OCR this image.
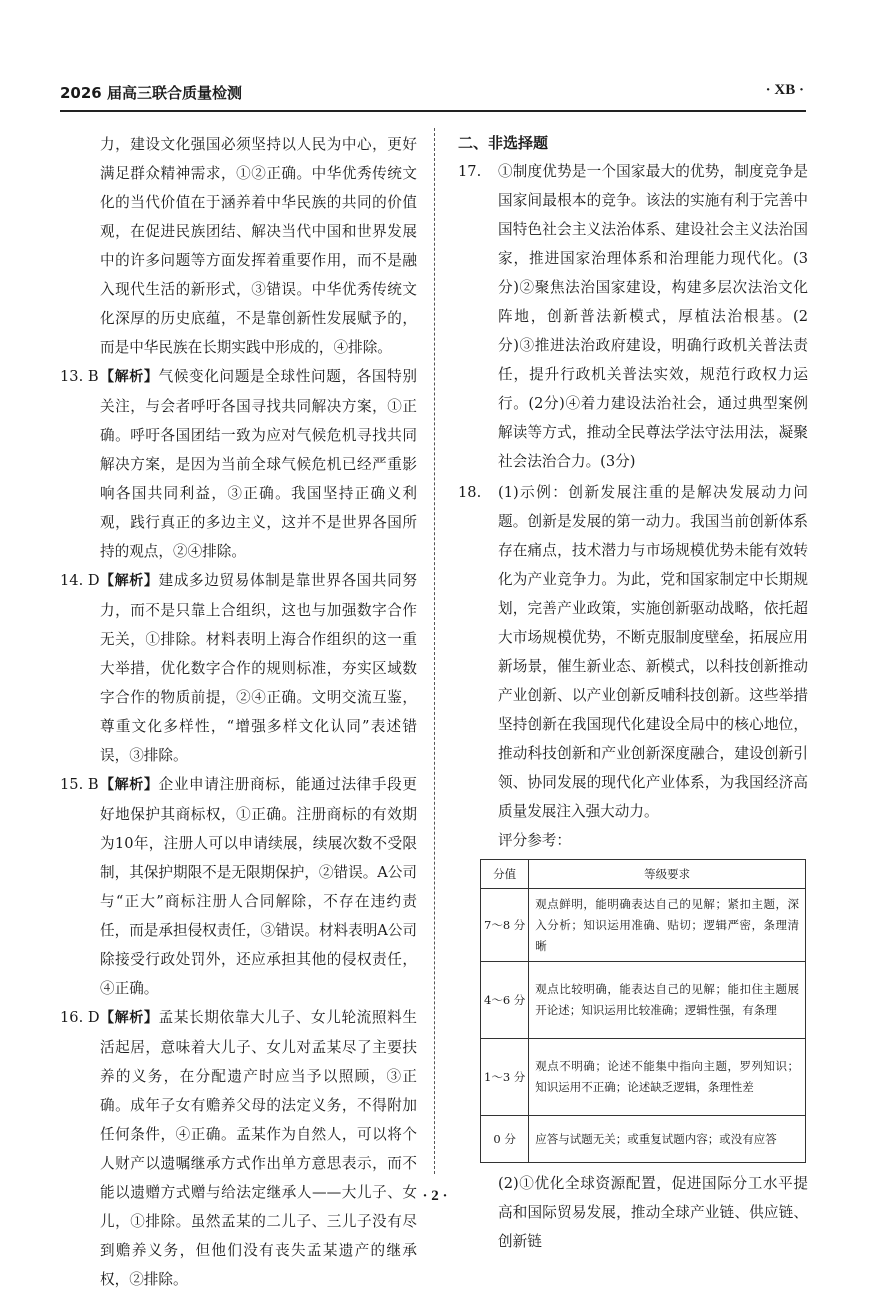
2026 届高三联合质量检测	· XB ·

力，建设文化强国必须坚持以人民为中心，更好满足群众精神需求，①②正确。中华优秀传统文化的当代价值在于涵养着中华民族的共同的价值观，在促进民族团结、解决当代中国和世界发展中的许多问题等方面发挥着重要作用，而不是融入现代生活的新形式，③错误。中华优秀传统文化深厚的历史底蕴，不是靠创新性发展赋予的，而是中华民族在长期实践中形成的，④排除。

13. B 【解析】气候变化问题是全球性问题，各国特别关注，与会者呼吁各国寻找共同解决方案，①正确。呼吁各国团结一致为应对气候危机寻找共同解决方案，是因为当前全球气候危机已经严重影响各国共同利益，③正确。我国坚持正确义利观，践行真正的多边主义，这并不是世界各国所持的观点，②④排除。
14. D 【解析】建成多边贸易体制是靠世界各国共同努力，而不是只靠上合组织，这也与加强数字合作无关，①排除。材料表明上海合作组织的这一重大举措，优化数字合作的规则标准，夯实区域数字合作的物质前提，②④正确。文明交流互鉴，尊重文化多样性，“增强多样文化认同”表述错误，③排除。
15. B 【解析】企业申请注册商标，能通过法律手段更好地保护其商标权，①正确。注册商标的有效期为10年，注册人可以申请续展，续展次数不受限制，其保护期限不是无限期保护，②错误。A公司与“正大”商标注册人合同解除，不存在违约责任，而是承担侵权责任，③错误。材料表明A公司除接受行政处罚外，还应承担其他的侵权责任，④正确。
16. D 【解析】孟某长期依靠大儿子、女儿轮流照料生活起居，意味着大儿子、女儿对孟某尽了主要扶养的义务，在分配遗产时应当予以照顾，③正确。成年子女有赡养父母的法定义务，不得附加任何条件，④正确。孟某作为自然人，可以将个人财产以遗嘱继承方式作出单方意思表示，而不能以遗赠方式赠与给法定继承人——大儿子、女儿，①排除。虽然孟某的二儿子、三儿子没有尽到赡养义务，但他们没有丧失孟某遗产的继承权，②排除。

二、非选择题

17. ①制度优势是一个国家最大的优势，制度竞争是国家间最根本的竞争。该法的实施有利于完善中国特色社会主义法治体系、建设社会主义法治国家，推进国家治理体系和治理能力现代化。(3分)②聚焦法治国家建设，构建多层次法治文化阵地，创新普法新模式，厚植法治根基。(2分)③推进法治政府建设，明确行政机关普法责任，提升行政机关普法实效，规范行政权力运行。(2分)④着力建设法治社会，通过典型案例解读等方式，推动全民尊法学法守法用法，凝聚社会法治合力。(3分)
18. (1)示例：创新发展注重的是解决发展动力问题。创新是发展的第一动力。我国当前创新体系存在痛点，技术潜力与市场规模优势未能有效转化为产业竞争力。为此，党和国家制定中长期规划，完善产业政策，实施创新驱动战略，依托超大市场规模优势，不断克服制度壁垒，拓展应用新场景，催生新业态、新模式，以科技创新推动产业创新、以产业创新反哺科技创新。这些举措坚持创新在我国现代化建设全局中的核心地位，推动科技创新和产业创新深度融合，建设创新引领、协同发展的现代化产业体系，为我国经济高质量发展注入强大动力。

评分参考：

分值	等级要求
7～8 分	观点鲜明，能明确表达自己的见解；紧扣主题，深入分析；知识运用准确、贴切；逻辑严密，条理清晰
4～6 分	观点比较明确，能表达自己的见解；能扣住主题展开论述；知识运用比较准确；逻辑性强，有条理
1～3 分	观点不明确；论述不能集中指向主题，罗列知识；知识运用不正确；论述缺乏逻辑，条理性差
0 分	应答与试题无关；或重复试题内容；或没有应答

(2)①优化全球资源配置，促进国际分工水平提高和国际贸易发展，推动全球产业链、供应链、创新链

· 2 ·
